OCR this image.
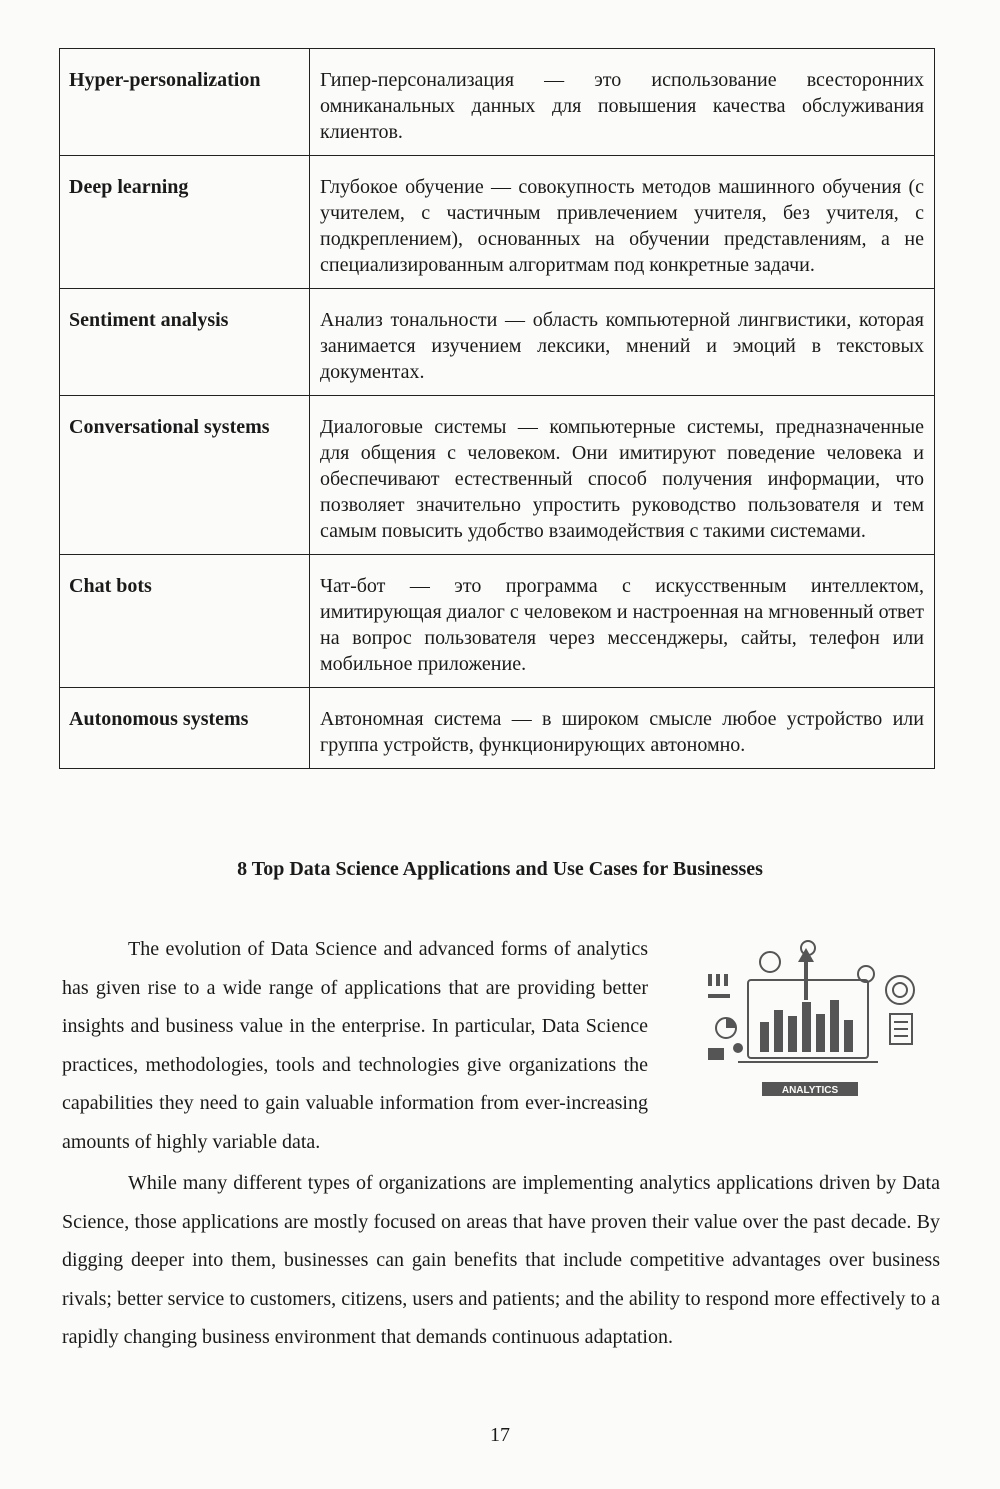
Hyper-personalization	Гипер-персонализация — это использование всесторонних омниканальных данных для повышения качества обслуживания клиентов.
Deep learning	Глубокое обучение — совокупность методов машинного обучения (с учителем, с частичным привлечением учителя, без учителя, с подкреплением), основанных на обучении представлениям, а не специализированным алгоритмам под конкретные задачи.
Sentiment analysis	Анализ тональности — область компьютерной лингвистики, которая занимается изучением лексики, мнений и эмоций в текстовых документах.
Conversational systems	Диалоговые системы — компьютерные системы, предназначенные для общения с человеком. Они имитируют поведение человека и обеспечивают естественный способ получения информации, что позволяет значительно упростить руководство пользователя и тем самым повысить удобство взаимодействия с такими системами.
Chat bots	Чат-бот — это программа с искусственным интеллектом, имитирующая диалог с человеком и настроенная на мгновенный ответ на вопрос пользователя через мессенджеры, сайты, телефон или мобильное приложение.
Autonomous systems	Автономная система — в широком смысле любое устройство или группа устройств, функционирующих автономно.
8 Top Data Science Applications and Use Cases for Businesses

ANALYTICS
The evolution of Data Science and advanced forms of analytics has given rise to a wide range of applications that are providing better insights and business value in the enterprise. In particular, Data Science practices, methodologies, tools and technologies give organizations the capabilities they need to gain valuable information from ever-increasing amounts of highly variable data.

While many different types of organizations are implementing analytics applications driven by Data Science, those applications are mostly focused on areas that have proven their value over the past decade. By digging deeper into them, businesses can gain benefits that include competitive advantages over business rivals; better service to customers, citizens, users and patients; and the ability to respond more effectively to a rapidly changing business environment that demands continuous adaptation.

17
